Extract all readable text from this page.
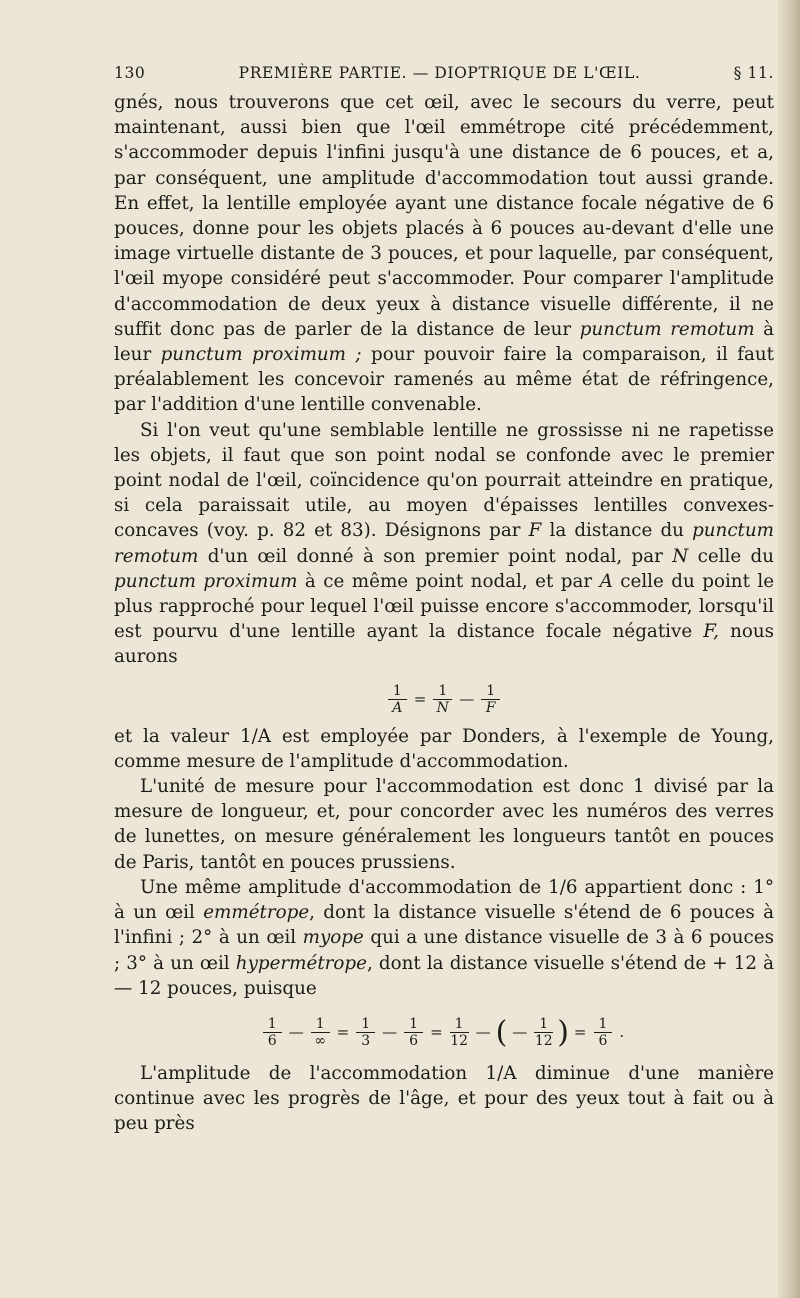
130	PREMIÈRE PARTIE. — DIOPTRIQUE DE L'ŒIL.	§ 11.

gnés, nous trouverons que cet œil, avec le secours du verre, peut maintenant, aussi bien que l'œil emmétrope cité précédemment, s'accommoder depuis l'infini jusqu'à une distance de 6 pouces, et a, par conséquent, une amplitude d'accommodation tout aussi grande. En effet, la lentille employée ayant une distance focale négative de 6 pouces, donne pour les objets placés à 6 pouces au-devant d'elle une image virtuelle distante de 3 pouces, et pour laquelle, par conséquent, l'œil myope considéré peut s'accommoder. Pour comparer l'amplitude d'accommodation de deux yeux à distance visuelle différente, il ne suffit donc pas de parler de la distance de leur punctum remotum à leur punctum proximum ; pour pouvoir faire la comparaison, il faut préalablement les concevoir ramenés au même état de réfringence, par l'addition d'une lentille convenable.

Si l'on veut qu'une semblable lentille ne grossisse ni ne rapetisse les objets, il faut que son point nodal se confonde avec le premier point nodal de l'œil, coïncidence qu'on pourrait atteindre en pratique, si cela paraissait utile, au moyen d'épaisses lentilles convexes-concaves (voy. p. 82 et 83). Désignons par F la distance du punctum remotum d'un œil donné à son premier point nodal, par N celle du punctum proximum à ce même point nodal, et par A celle du point le plus rapproché pour lequel l'œil puisse encore s'accommoder, lorsqu'il est pourvu d'une lentille ayant la distance focale négative F, nous aurons

$\frac{1}{A} = \frac{1}{N}$ — $\frac{1}{F}$

et la valeur 1/A est employée par Donders, à l'exemple de Young, comme mesure de l'amplitude d'accommodation.

L'unité de mesure pour l'accommodation est donc 1 divisé par la mesure de longueur, et, pour concorder avec les numéros des verres de lunettes, on mesure généralement les longueurs tantôt en pouces de Paris, tantôt en pouces prussiens.

Une même amplitude d'accommodation de 1/6 appartient donc : 1° à un œil emmétrope, dont la distance visuelle s'étend de 6 pouces à l'infini ; 2° à un œil myope qui a une distance visuelle de 3 à 6 pouces ; 3° à un œil hypermétrope, dont la distance visuelle s'étend de + 12 à — 12 pouces, puisque

$\frac{1}{6}$ — $\frac{1}{\infty} = \frac{1}{3}$ — $\frac{1}{6} = \frac{1}{12}$ — ( — $\frac{1}{12}$ ) = $\frac{1}{6}$ .

L'amplitude de l'accommodation 1/A diminue d'une manière continue avec les progrès de l'âge, et pour des yeux tout à fait ou à peu près
